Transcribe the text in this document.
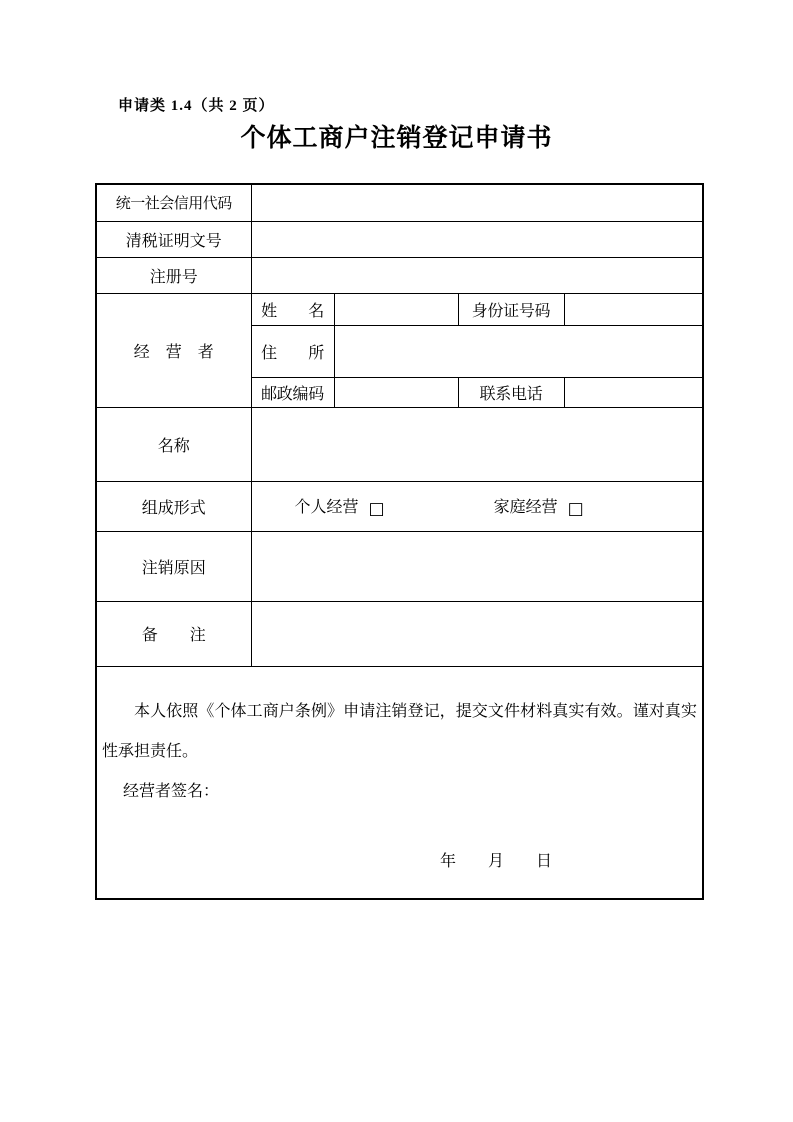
申请类 1.4（共 2 页）
个体工商户注销登记申请书
统一社会信用代码				
清税证明文号				
注册号				
经　营　者	姓　　名		身份证号码	
	住　　所			
	邮政编码		联系电话	
名称				
组成形式	个人经营 □ 家庭经营 □			
注销原因				
备　　注				

本人依照《个体工商户条例》申请注销登记，提交文件材料真实有效。谨对真实性承担责任。

经营者签名：

年　　月　　日				
